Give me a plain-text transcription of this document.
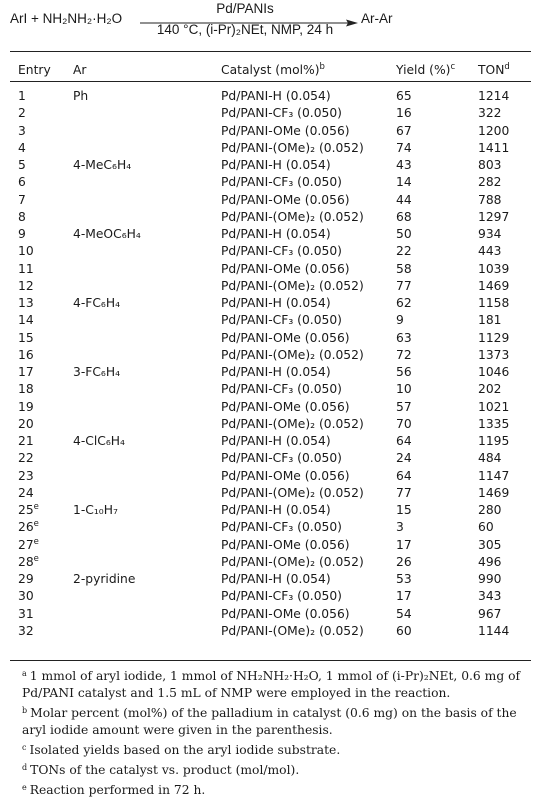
ArI + NH₂NH₂·H₂O
Pd/PANIs
140 °C, (i-Pr)₂NEt, NMP, 24 h
Ar-Ar
Entry	Ar	Catalyst $(mol\%)^b$	Yield (%)$^c$	TON$^d$
1	Ph	Pd/PANI-H (0.054)	65	1214
2		Pd/PANI-CF₃ (0.050)	16	322
3		Pd/PANI-OMe (0.056)	67	1200
4		Pd/PANI-(OMe)₂ (0.052)	74	1411
5	4-MeC₆H₄	Pd/PANI-H (0.054)	43	803
6		Pd/PANI-CF₃ (0.050)	14	282
7		Pd/PANI-OMe (0.056)	44	788
8		Pd/PANI-(OMe)₂ (0.052)	68	1297
9	4-MeOC₆H₄	Pd/PANI-H (0.054)	50	934
10		Pd/PANI-CF₃ (0.050)	22	443
11		Pd/PANI-OMe (0.056)	58	1039
12		Pd/PANI-(OMe)₂ (0.052)	77	1469
13	4-FC₆H₄	Pd/PANI-H (0.054)	62	1158
14		Pd/PANI-CF₃ (0.050)	9	181
15		Pd/PANI-OMe (0.056)	63	1129
16		Pd/PANI-(OMe)₂ (0.052)	72	1373
17	3-FC₆H₄	Pd/PANI-H (0.054)	56	1046
18		Pd/PANI-CF₃ (0.050)	10	202
19		Pd/PANI-OMe (0.056)	57	1021
20		Pd/PANI-(OMe)₂ (0.052)	70	1335
21	4-ClC₆H₄	Pd/PANI-H (0.054)	64	1195
22		Pd/PANI-CF₃ (0.050)	24	484
23		Pd/PANI-OMe (0.056)	64	1147
24		Pd/PANI-(OMe)₂ (0.052)	77	1469
25e	1-C₁₀H₇	Pd/PANI-H (0.054)	15	280
26e		Pd/PANI-CF₃ (0.050)	3	60
27e		Pd/PANI-OMe (0.056)	17	305
28e		Pd/PANI-(OMe)₂ (0.052)	26	496
29	2-pyridine	Pd/PANI-H (0.054)	53	990
30		Pd/PANI-CF₃ (0.050)	17	343
31		Pd/PANI-OMe (0.056)	54	967
32		Pd/PANI-(OMe)₂ (0.052)	60	1144

$^a$ 1 mmol of aryl iodide, 1 mmol of NH₂NH₂·H₂O, 1 mmol of (i-Pr)₂NEt, 0.6 mg of Pd/PANI catalyst and 1.5 mL of NMP were employed in the reaction.

$^b$ Molar percent (mol%) of the palladium in catalyst (0.6 mg) on the basis of the aryl iodide amount were given in the parenthesis.

$^c$ Isolated yields based on the aryl iodide substrate.

$^d$ TONs of the catalyst vs. product (mol/mol).

$^e$ Reaction performed in 72 h.
